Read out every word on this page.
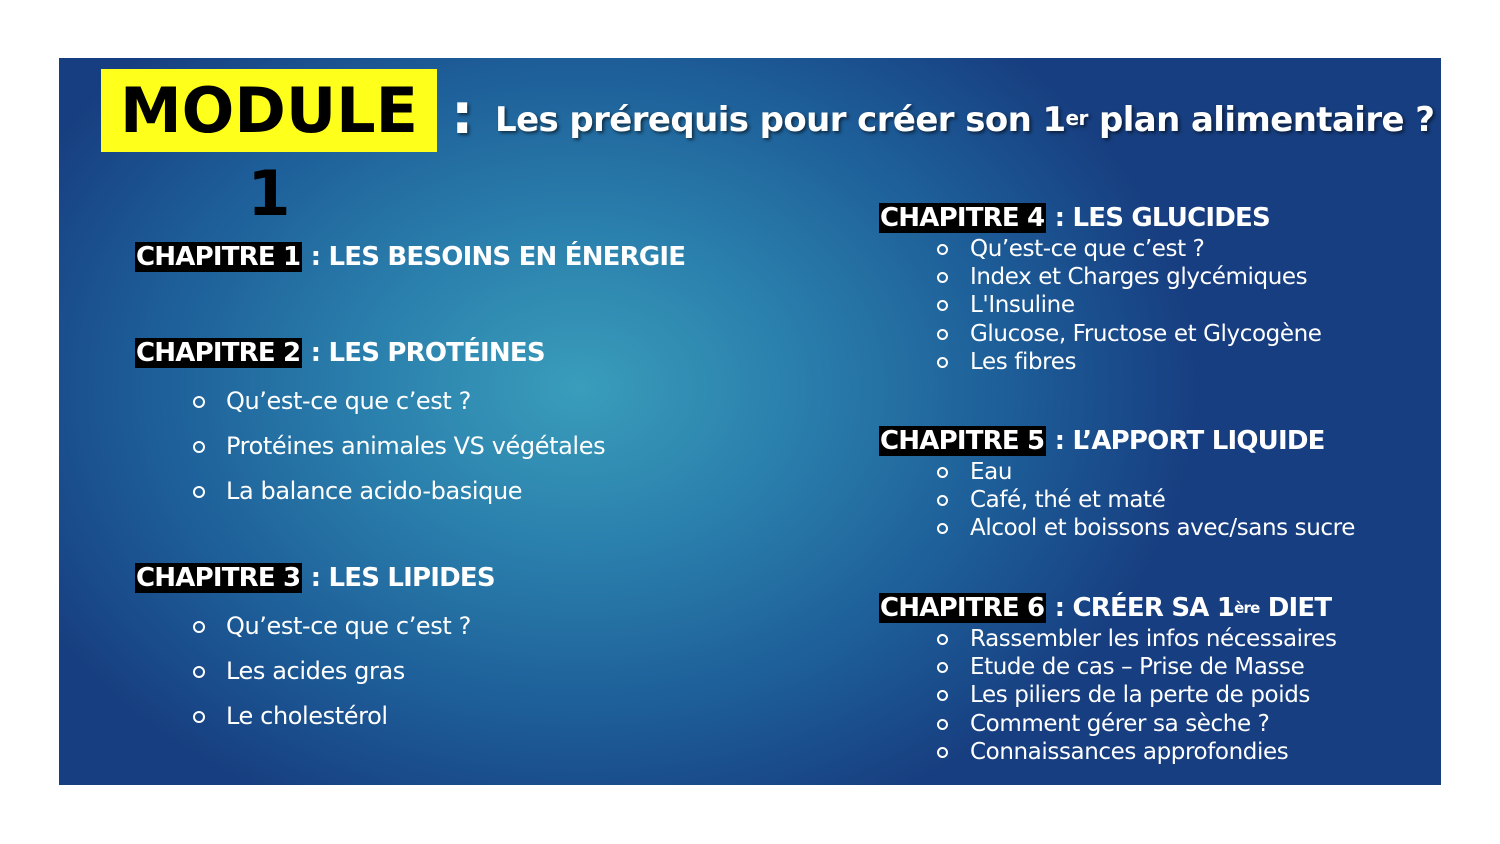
MODULE 1
: Les prérequis pour créer son 1er plan alimentaire ?
CHAPITRE 1 : LES BESOINS EN ÉNERGIE
CHAPITRE 2 : LES PROTÉINES
Qu’est-ce que c’est ?
Protéines animales VS végétales
La balance acido-basique
CHAPITRE 3 : LES LIPIDES
Qu’est-ce que c’est ?
Les acides gras
Le cholestérol
CHAPITRE 4 : LES GLUCIDES
Qu’est-ce que c’est ?
Index et Charges glycémiques
L'Insuline
Glucose, Fructose et Glycogène
Les fibres
CHAPITRE 5 : L’APPORT LIQUIDE
Eau
Café, thé et maté
Alcool et boissons avec/sans sucre
CHAPITRE 6 : CRÉER SA 1ère DIET
Rassembler les infos nécessaires
Etude de cas – Prise de Masse
Les piliers de la perte de poids
Comment gérer sa sèche ?
Connaissances approfondies
